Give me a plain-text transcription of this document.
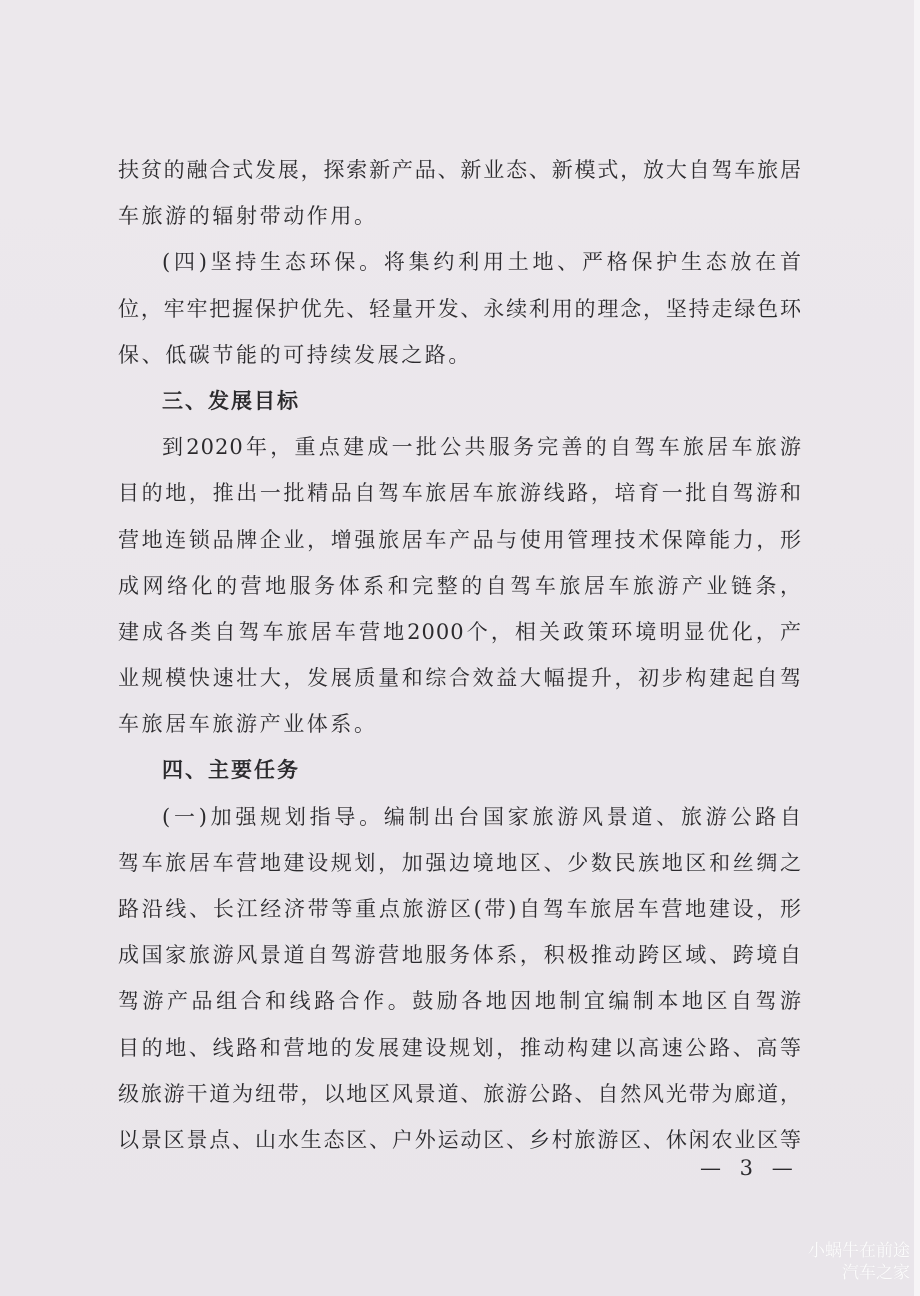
扶贫的融合式发展，探索新产品、新业态、新模式，放大自驾车旅居
车旅游的辐射带动作用。
(四)坚持生态环保。将集约利用土地、严格保护生态放在首
位，牢牢把握保护优先、轻量开发、永续利用的理念，坚持走绿色环
保、低碳节能的可持续发展之路。
三、发展目标
到2020年，重点建成一批公共服务完善的自驾车旅居车旅游
目的地，推出一批精品自驾车旅居车旅游线路，培育一批自驾游和
营地连锁品牌企业，增强旅居车产品与使用管理技术保障能力，形
成网络化的营地服务体系和完整的自驾车旅居车旅游产业链条，
建成各类自驾车旅居车营地2000个，相关政策环境明显优化，产
业规模快速壮大，发展质量和综合效益大幅提升，初步构建起自驾
车旅居车旅游产业体系。
四、主要任务
(一)加强规划指导。编制出台国家旅游风景道、旅游公路自
驾车旅居车营地建设规划，加强边境地区、少数民族地区和丝绸之
路沿线、长江经济带等重点旅游区(带)自驾车旅居车营地建设，形
成国家旅游风景道自驾游营地服务体系，积极推动跨区域、跨境自
驾游产品组合和线路合作。鼓励各地因地制宜编制本地区自驾游
目的地、线路和营地的发展建设规划，推动构建以高速公路、高等
级旅游干道为纽带，以地区风景道、旅游公路、自然风光带为廊道，
以景区景点、山水生态区、户外运动区、乡村旅游区、休闲农业区等
— 3 —
小蜗牛在前途
汽车之家
